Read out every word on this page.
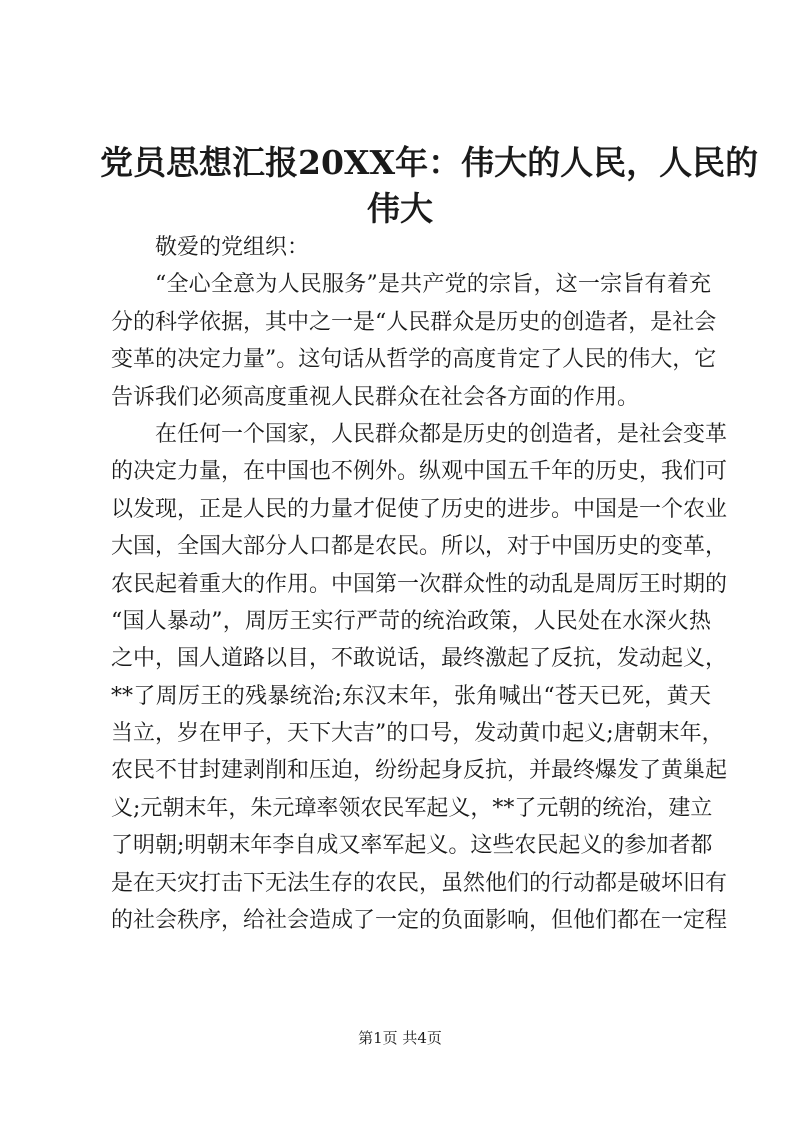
党员思想汇报20XX年：伟大的人民，人民的
伟大
敬爱的党组织：
“全心全意为人民服务”是共产党的宗旨，这一宗旨有着充
分的科学依据，其中之一是“人民群众是历史的创造者，是社会
变革的决定力量”。这句话从哲学的高度肯定了人民的伟大，它
告诉我们必须高度重视人民群众在社会各方面的作用。
在任何一个国家，人民群众都是历史的创造者，是社会变革
的决定力量，在中国也不例外。纵观中国五千年的历史，我们可
以发现，正是人民的力量才促使了历史的进步。中国是一个农业
大国，全国大部分人口都是农民。所以，对于中国历史的变革，
农民起着重大的作用。中国第一次群众性的动乱是周厉王时期的
“国人暴动”，周厉王实行严苛的统治政策，人民处在水深火热
之中，国人道路以目，不敢说话，最终激起了反抗，发动起义，
**了周厉王的残暴统治;东汉末年，张角喊出“苍天已死，黄天
当立，岁在甲子，天下大吉”的口号，发动黄巾起义;唐朝末年，
农民不甘封建剥削和压迫，纷纷起身反抗，并最终爆发了黄巢起
义;元朝末年，朱元璋率领农民军起义，**了元朝的统治，建立
了明朝;明朝末年李自成又率军起义。这些农民起义的参加者都
是在天灾打击下无法生存的农民，虽然他们的行动都是破坏旧有
的社会秩序，给社会造成了一定的负面影响，但他们都在一定程
第1页 共4页
